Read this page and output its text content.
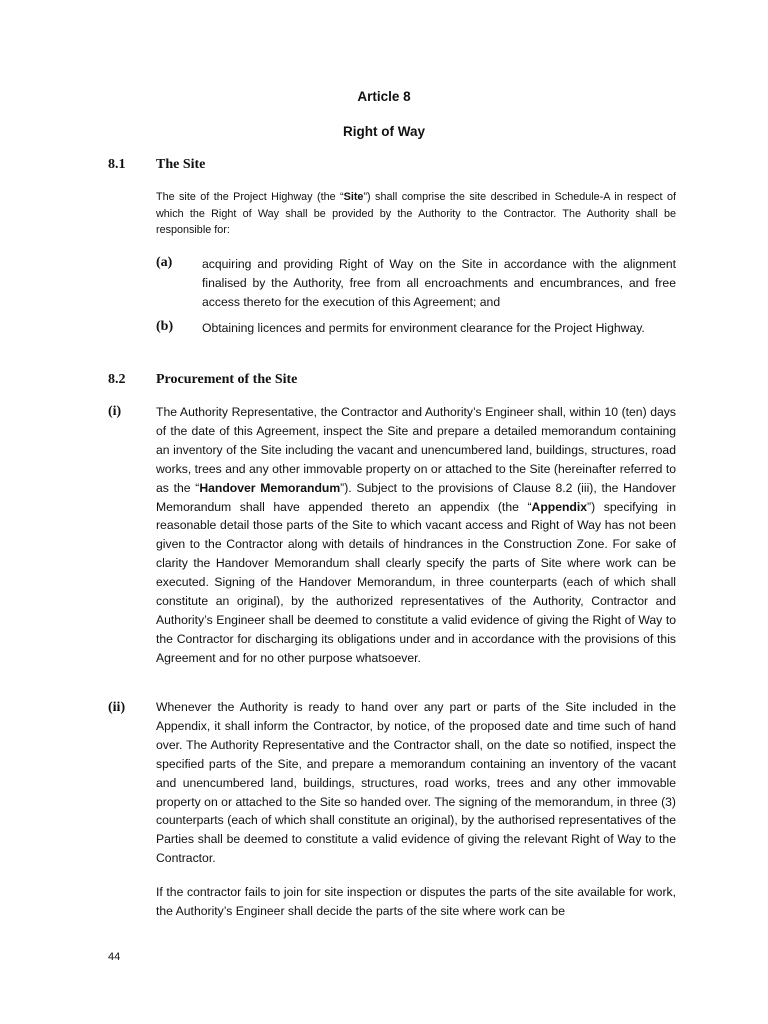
Article 8
Right of Way
8.1 The Site

The site of the Project Highway (the “Site”) shall comprise the site described in Schedule-A in respect of which the Right of Way shall be provided by the Authority to the Contractor. The Authority shall be responsible for:

(a) acquiring and providing Right of Way on the Site in accordance with the alignment finalised by the Authority, free from all encroachments and encumbrances, and free access thereto for the execution of this Agreement; and

(b) Obtaining licences and permits for environment clearance for the Project Highway.

8.2 Procurement of the Site
(i)	The Authority Representative, the Contractor and Authority’s Engineer shall, within 10 (ten) days of the date of this Agreement, inspect the Site and prepare a detailed memorandum containing an inventory of the Site including the vacant and unencumbered land, buildings, structures, road works, trees and any other immovable property on or attached to the Site (hereinafter referred to as the “Handover Memorandum”). Subject to the provisions of Clause 8.2 (iii), the Handover Memorandum shall have appended thereto an appendix (the “Appendix”) specifying in reasonable detail those parts of the Site to which vacant access and Right of Way has not been given to the Contractor along with details of hindrances in the Construction Zone. For sake of clarity the Handover Memorandum shall clearly specify the parts of Site where work can be executed. Signing of the Handover Memorandum, in three counterparts (each of which shall constitute an original), by the authorized representatives of the Authority, Contractor and Authority’s Engineer shall be deemed to constitute a valid evidence of giving the Right of Way to the Contractor for discharging its obligations under and in accordance with the provisions of this Agreement and for no other purpose whatsoever.

(ii)	Whenever the Authority is ready to hand over any part or parts of the Site included in the Appendix, it shall inform the Contractor, by notice, of the proposed date and time such of hand over. The Authority Representative and the Contractor shall, on the date so notified, inspect the specified parts of the Site, and prepare a memorandum containing an inventory of the vacant and unencumbered land, buildings, structures, road works, trees and any other immovable property on or attached to the Site so handed over. The signing of the memorandum, in three (3) counterparts (each of which shall constitute an original), by the authorised representatives of the Parties shall be deemed to constitute a valid evidence of giving the relevant Right of Way to the Contractor.

If the contractor fails to join for site inspection or disputes the parts of the site available for work, the Authority’s Engineer shall decide the parts of the site where work can be

44
